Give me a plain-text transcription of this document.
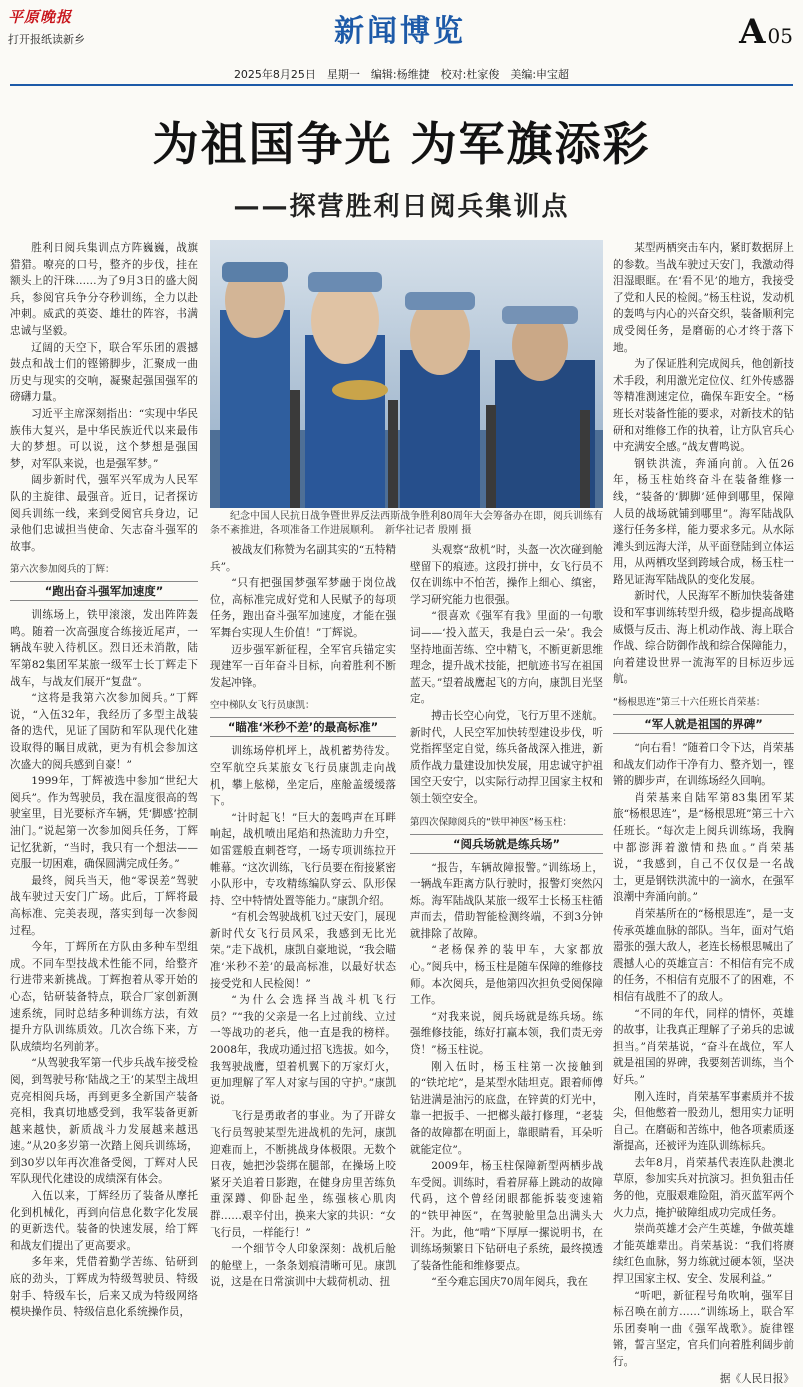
平原晚报
打开报纸读新乡	新闻博览	A 05
2025年8月25日　星期一　编辑:杨维捷　校对:杜家俊　美编:申宝超
为祖国争光 为军旗添彩
——探营胜利日阅兵集训点

胜利日阅兵集训点方阵巍巍，战旗猎猎。嘹亮的口号，整齐的步伐，挂在额头上的汗珠……为了9月3日的盛大阅兵，参阅官兵争分夺秒训练，全力以赴冲刺。威武的英姿、雄壮的阵容，书满忠诚与坚毅。

辽阔的天空下，联合军乐团的震撼鼓点和战士们的铿锵脚步，汇聚成一曲历史与现实的交响，凝聚起强国强军的磅礴力量。

习近平主席深刻指出：“实现中华民族伟大复兴，是中华民族近代以来最伟大的梦想。可以说，这个梦想是强国梦，对军队来说，也是强军梦。”

阔步新时代，强军兴军成为人民军队的主旋律、最强音。近日，记者探访阅兵训练一线，来到受阅官兵身边，记录他们忠诚担当使命、矢志奋斗强军的故事。

第六次参加阅兵的丁辉：

“跑出奋斗强军加速度”

训练场上，铁甲滚滚，发出阵阵轰鸣。随着一次高强度合练接近尾声，一辆战车驶入待机区。烈日还未消散，陆军第82集团军某旅一级军士长丁辉走下战车，与战友们展开“复盘”。

“这将是我第六次参加阅兵。”丁辉说，“入伍32年，我经历了多型主战装备的迭代，见证了国防和军队现代化建设取得的瞩目成就，更为有机会参加这次盛大的阅兵感到自豪！”

1999年，丁辉被选中参加“世纪大阅兵”。作为驾驶员，我在温度很高的驾驶室里，目光要标齐车辆，凭‘脚感’控制油门。”说起第一次参加阅兵任务，丁辉记忆犹新，“当时，我只有一个想法——克服一切困难，确保圆满完成任务。”

最终，阅兵当天，他“零误差”驾驶战车驶过天安门广场。此后，丁辉将最高标准、完美表现，落实到每一次参阅过程。

今年，丁辉所在方队由多种车型组成。不同车型技战术性能不同，给整齐行进带来新挑战。丁辉抱着从零开始的心态，钻研装备特点，联合厂家创新测速系统，同时总结多种训练方法，有效提升方队训练质效。几次合练下来，方队成绩均名列前茅。

“从驾驶我军第一代步兵战车接受检阅，到驾驶号称‘陆战之王’的某型主战坦克亮相阅兵场，再到更多全新国产装备亮相，我真切地感受到，我军装备更新越来越快，新质战斗力发展越来越迅速。”从20多岁第一次踏上阅兵训练场，到30岁以年再次准备受阅，丁辉对人民军队现代化建设的成绩深有体会。

入伍以来，丁辉经历了装备从摩托化到机械化，再到向信息化数字化发展的更新迭代。装备的快速发展，给丁辉和战友们提出了更高要求。

多年来，凭借着勤学苦练、钻研到底的劲头，丁辉成为特级驾驶员、特级射手、特级车长，后来又成为特级网络模块操作员、特级信息化系统操作员，

纪念中国人民抗日战争暨世界反法西斯战争胜利80周年大会筹备办在即，阅兵训练有条不紊推进，各项准备工作进展顺利。　新华社记者 殷刚 摄

被战友们称赞为名副其实的“五特精兵”。

“只有把强国梦强军梦融于岗位战位，高标准完成好党和人民赋予的每项任务，跑出奋斗强军加速度，才能在强军舞台实现人生价值！”丁辉说。

迈步强军新征程，全军官兵锚定实现建军一百年奋斗目标，向着胜利不断发起冲锋。

空中梯队女飞行员康凯：

“瞄准‘米秒不差’的最高标准”

训练场停机坪上，战机蓄势待发。空军航空兵某旅女飞行员康凯走向战机，攀上舷梯，坐定后，座舱盖缓缓落下。

“计时起飞！”巨大的轰鸣声在耳畔响起，战机喷出尾焰和热流助力升空，如雷霆般直刺苍穹，一场专项训练拉开帷幕。“这次训练，飞行员要在衔接紧密小队形中，专攻精练编队穿云、队形保持、空中特情处置等能力。”康凯介绍。

“有机会驾驶战机飞过天安门，展现新时代女飞行员风采，我感到无比光荣。”走下战机，康凯自豪地说，“我会瞄准‘米秒不差’的最高标准，以最好状态接受党和人民检阅！”

“为什么会选择当战斗机飞行员？”“我的父亲是一名上过前线、立过一等战功的老兵，他一直是我的榜样。2008年，我成功通过招飞选拔。如今，我驾驶战鹰，望着机翼下的万家灯火，更加理解了军人对家与国的守护。”康凯说。

飞行是勇敢者的事业。为了开辟女飞行员驾驶某型先进战机的先河，康凯迎难而上，不断挑战身体极限。无数个日夜，她把沙袋绑在腿部，在操场上咬紧牙关追着日影跑，在健身房里苦练负重深蹲、仰卧起坐，练强核心肌肉群……艰辛付出，换来大家的共识：“女飞行员，一样能行！”

一个细节令人印象深刻：战机后舱的舱壁上，一条条划痕清晰可见。康凯说，这是在日常演训中大载荷机动、扭

头观察“敌机”时，头盔一次次碰到舱壁留下的痕迹。这段打拼中，女飞行员不仅在训练中不怕苦，操作上细心、缜密，学习研究能力也很强。

“很喜欢《强军有我》里面的一句歌词——‘投入蓝天，我是白云一朵’。我会坚持地面苦练、空中精飞，不断更新思维理念，提升战术技能，把航迹书写在祖国蓝天。”望着战鹰起飞的方向，康凯目光坚定。

搏击长空心向党，飞行万里不迷航。新时代，人民空军加快转型建设步伐，听党指挥坚定自觉，练兵备战深入推进，新质作战力量建设加快发展，用忠诚守护祖国空天安宁，以实际行动捍卫国家主权和领土领空安全。

第四次保障阅兵的“铁甲神医”杨玉柱：

“阅兵场就是练兵场”

“报告，车辆故障报警。”训练场上，一辆战车距离方队行驶时，报警灯突然闪烁。海军陆战队某旅一级军士长杨玉柱循声而去，借助智能检测终端，不到3分钟就排除了故障。

“老杨保养的装甲车，大家都放心。”阅兵中，杨玉柱是随车保障的维修技师。本次阅兵，是他第四次担负受阅保障工作。

“对我来说，阅兵场就是练兵场。练强维修技能，练好打赢本领，我们责无旁贷！”杨玉柱说。

刚入伍时，杨玉柱第一次接触到的“铁坨坨”，是某型水陆坦克。跟着师傅钻进满是油污的底盘，在锌黄的灯光中，靠一把扳手、一把榔头敲打修理，“老装备的故障都在明面上，靠眼睛看，耳朵听就能定位”。

2009年，杨玉柱保障新型两栖步战车受阅。训练时，看着屏幕上跳动的故障代码，这个曾经闭眼都能拆装变速箱的“铁甲神医”，在驾驶舱里急出满头大汗。为此，他“啃”下厚厚一摞说明书，在训练场频繁日下钻研电子系统，最终摸透了装备性能和维修要点。

“至今难忘国庆70周年阅兵，我在

某型两栖突击车内，紧盯数据屏上的参数。当战车驶过天安门，我激动得泪湿眼眶。在‘看不见’的地方，我接受了党和人民的检阅。”杨玉柱说，发动机的轰鸣与内心的兴奋交织，装备顺利完成受阅任务，是磨砺的心才终于落下地。

为了保证胜利完成阅兵，他创新技术手段，利用激光定位仪、红外传感器等精准测速定位，确保车距安全。“杨班长对装备性能的要求，对新技术的钻研和对维修工作的执着，让方队官兵心中充满安全感。”战友曹鸣说。

钢铁洪流，奔涌向前。入伍26年，杨玉柱始终奋斗在装备维修一线，“装备的‘脚脚’延伸到哪里，保障人员的战场就铺到哪里”。海军陆战队遂行任务多样，能力要求多元。从水际滩头到远海大洋，从平面登陆到立体运用，从两栖攻坚到跨域合成，杨玉柱一路见证海军陆战队的变化发展。

新时代，人民海军不断加快装备建设和军事训练转型升级，稳步提高战略威慑与反击、海上机动作战、海上联合作战、综合防御作战和综合保障能力，向着建设世界一流海军的目标迈步远航。

“杨根思连”第三十六任班长肖荣基：

“军人就是祖国的界碑”

“向右看！”随着口令下达，肖荣基和战友们动作干净有力、整齐划一，铿锵的脚步声，在训练场经久回响。

肖荣基来自陆军第83集团军某旅“杨根思连”，是“杨根思班”第三十六任班长。“每次走上阅兵训练场，我胸中都澎湃着激情和热血。”肖荣基说，“我感到，自己不仅仅是一名战士，更是钢铁洪流中的一滴水，在强军浪潮中奔涌向前。”

肖荣基所在的“杨根思连”，是一支传承英雄血脉的部队。当年，面对气焰嚣张的强大敌人，老连长杨根思喊出了震撼人心的英雄宣言：不相信有完不成的任务，不相信有克服不了的困难，不相信有战胜不了的敌人。

“不同的年代，同样的情怀，英雄的故事，让我真正理解了子弟兵的忠诚担当。”肖荣基说，“奋斗在战位，军人就是祖国的界碑，我要刻苦训练，当个好兵。”

刚入连时，肖荣基军事素质并不拔尖，但他憋着一股劲儿，想用实力证明自己。在磨砺和苦练中，他各项素质逐渐提高，还被评为连队训练标兵。

去年8月，肖荣基代表连队赴澳北草原，参加实兵对抗演习。担负狙击任务的他，克服艰难险阻，消灭蓝军两个火力点，掩护破障组成功完成任务。

崇尚英雄才会产生英雄，争做英雄才能英雄辈出。肖荣基说：“我们将赓续红色血脉，努力练就过硬本领，坚决捍卫国家主权、安全、发展利益。”

“听吧，新征程号角吹响，强军目标召唤在前方……”训练场上，联合军乐团奏响一曲《强军战歌》。旋律铿锵，誓言坚定，官兵们向着胜利阔步前行。

据《人民日报》
